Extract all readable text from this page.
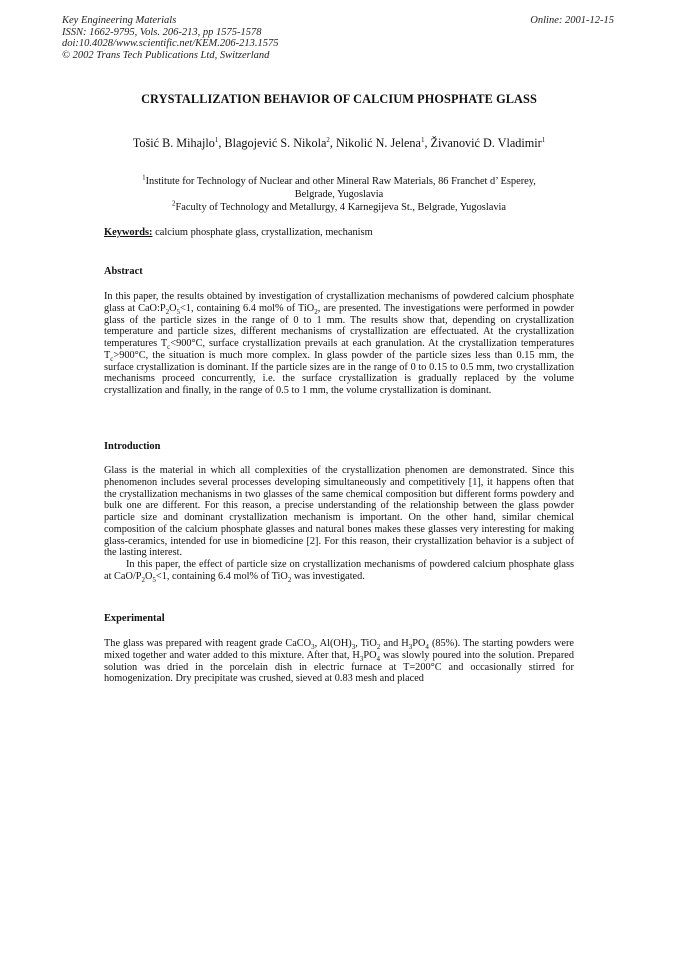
Key Engineering Materials
ISSN: 1662-9795, Vols. 206-213, pp 1575-1578
doi:10.4028/www.scientific.net/KEM.206-213.1575
© 2002 Trans Tech Publications Ltd, Switzerland
Online: 2001-12-15
CRYSTALLIZATION BEHAVIOR OF CALCIUM PHOSPHATE GLASS
Tošić B. Mihajlo$^1$, Blagojević S. Nikola$^2$, Nikolić N. Jelena$^1$, Živanović D. Vladimir$^1$
$^1$Institute for Technology of Nuclear and other Mineral Raw Materials, 86 Franchet d’ Esperey,
Belgrade, Yugoslavia
$^2$Faculty of Technology and Metallurgy, 4 Karnegijeva St., Belgrade, Yugoslavia
Keywords: calcium phosphate glass, crystallization, mechanism
Abstract

In this paper, the results obtained by investigation of crystallization mechanisms of powdered calcium phosphate glass at $CaO:P_2O_5<1$, containing 6.4 mol% of TiO$_2$, are presented. The investigations were performed in powder glass of the particle sizes in the range of 0 to 1 mm. The results show that, depending on crystallization temperature and particle sizes, different mechanisms of crystallization are effectuated. At the crystallization temperatures $T_c<900^\circ C$, surface crystallization prevails at each granulation. At the crystallization temperatures $T_c>900^\circ C$, the situation is much more complex. In glass powder of the particle sizes less than 0.15 mm, the surface crystallization is dominant. If the particle sizes are in the range of 0 to 0.15 to 0.5 mm, two crystallization mechanisms proceed concurrently, i.e. the surface crystallization is gradually replaced by the volume crystallization and finally, in the range of 0.5 to 1 mm, the volume crystallization is dominant.

Introduction
Glass is the material in which all complexities of the crystallization phenomen are demonstrated. Since this phenomenon includes several processes developing simultaneously and competitively [1], it happens often that the crystallization mechanisms in two glasses of the same chemical composition but different forms powdery and bulk one are different. For this reason, a precise understanding of the relationship between the glass powder particle size and dominant crystallization mechanism is important. On the other hand, similar chemical composition of the calcium phosphate glasses and natural bones makes these glasses very interesting for making glass-ceramics, intended for use in biomedicine [2]. For this reason, their crystallization behavior is a subject of the lasting interest.
In this paper, the effect of particle size on crystallization mechanisms of powdered calcium phosphate glass at CaO/$P_2O_5<1$, containing 6.4 mol% of TiO$_2$ was investigated.
Experimental

The glass was prepared with reagent grade CaCO$_3$, $Al(OH)_3$, TiO$_2$ and $H_3PO_4$ (85%). The starting powders were mixed together and water added to this mixture. After that, $H_3PO_4$ was slowly poured into the solution. Prepared solution was dried in the porcelain dish in electric furnace at T=200°C and occasionally stirred for homogenization. Dry precipitate was crushed, sieved at 0.83 mesh and placed
